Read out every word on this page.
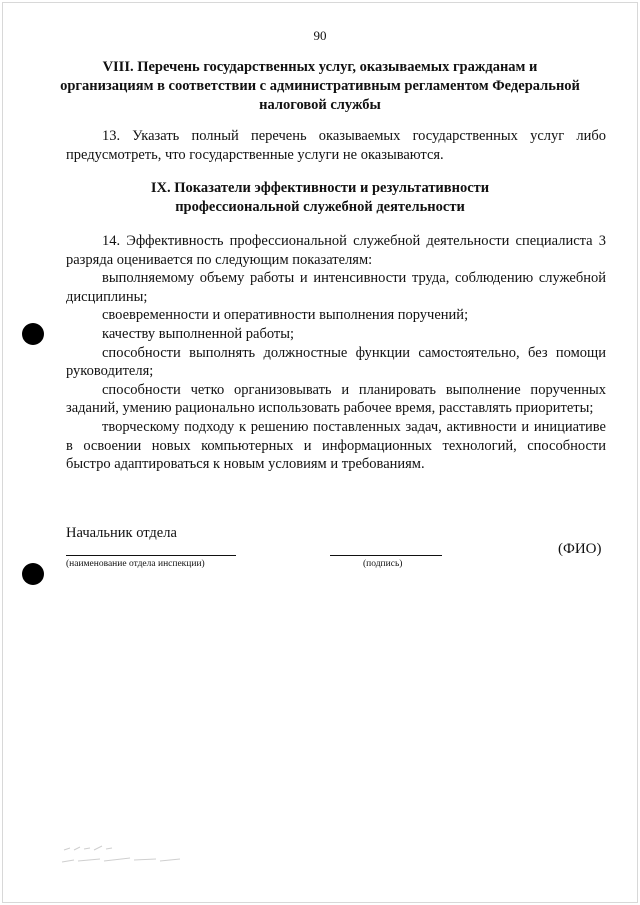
90
VIII. Перечень государственных услуг, оказываемых гражданам и организациям в соответствии с административным регламентом Федеральной налоговой службы

13. Указать полный перечень оказываемых государственных услуг либо предусмотреть, что государственные услуги не оказываются.

IX. Показатели эффективности и результативности профессиональной служебной деятельности

14. Эффективность профессиональной служебной деятельности специалиста 3 разряда оценивается по следующим показателям:

выполняемому объему работы и интенсивности труда, соблюдению служебной дисциплины;

своевременности и оперативности выполнения поручений;

качеству выполненной работы;

способности выполнять должностные функции самостоятельно, без помощи руководителя;

способности четко организовывать и планировать выполнение порученных заданий, умению рационально использовать рабочее время, расставлять приоритеты;

творческому подходу к решению поставленных задач, активности и инициативе в освоении новых компьютерных и информационных технологий, способности быстро адаптироваться к новым условиям и требованиям.

Начальник отдела
(наименование отдела инспекции)	(подпись)
(ФИО)
